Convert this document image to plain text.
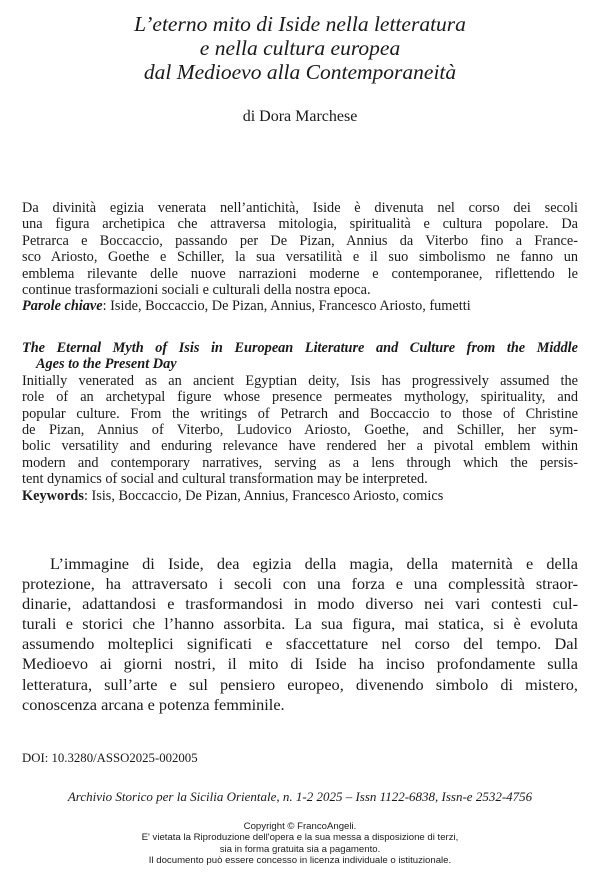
L’eterno mito di Iside nella letteratura
e nella cultura europea
dal Medioevo alla Contemporaneità
di Dora Marchese
Da divinità egizia venerata nell’antichità, Iside è divenuta nel corso dei secoli
una figura archetipica che attraversa mitologia, spiritualità e cultura popolare. Da
Petrarca e Boccaccio, passando per De Pizan, Annius da Viterbo fino a France-
sco Ariosto, Goethe e Schiller, la sua versatilità e il suo simbolismo ne fanno un
emblema rilevante delle nuove narrazioni moderne e contemporanee, riflettendo le
continue trasformazioni sociali e culturali della nostra epoca.
Parole chiave: Iside, Boccaccio, De Pizan, Annius, Francesco Ariosto, fumetti
The Eternal Myth of Isis in European Literature and Culture from the Middle
Ages to the Present Day
Initially venerated as an ancient Egyptian deity, Isis has progressively assumed the
role of an archetypal figure whose presence permeates mythology, spirituality, and
popular culture. From the writings of Petrarch and Boccaccio to those of Christine
de Pizan, Annius of Viterbo, Ludovico Ariosto, Goethe, and Schiller, her sym-
bolic versatility and enduring relevance have rendered her a pivotal emblem within
modern and contemporary narratives, serving as a lens through which the persis-
tent dynamics of social and cultural transformation may be interpreted.
Keywords: Isis, Boccaccio, De Pizan, Annius, Francesco Ariosto, comics
L’immagine di Iside, dea egizia della magia, della maternità e della
protezione, ha attraversato i secoli con una forza e una complessità straor-
dinarie, adattandosi e trasformandosi in modo diverso nei vari contesti cul-
turali e storici che l’hanno assorbita. La sua figura, mai statica, si è evoluta
assumendo molteplici significati e sfaccettature nel corso del tempo. Dal
Medioevo ai giorni nostri, il mito di Iside ha inciso profondamente sulla
letteratura, sull’arte e sul pensiero europeo, divenendo simbolo di mistero,
conoscenza arcana e potenza femminile.
DOI: 10.3280/ASSO2025-002005
Archivio Storico per la Sicilia Orientale, n. 1-2 2025 – Issn 1122-6838, Issn-e 2532-4756
Copyright © FrancoAngeli.
E' vietata la Riproduzione dell'opera e la sua messa a disposizione di terzi,
sia in forma gratuita sia a pagamento.
Il documento può essere concesso in licenza individuale o istituzionale.
